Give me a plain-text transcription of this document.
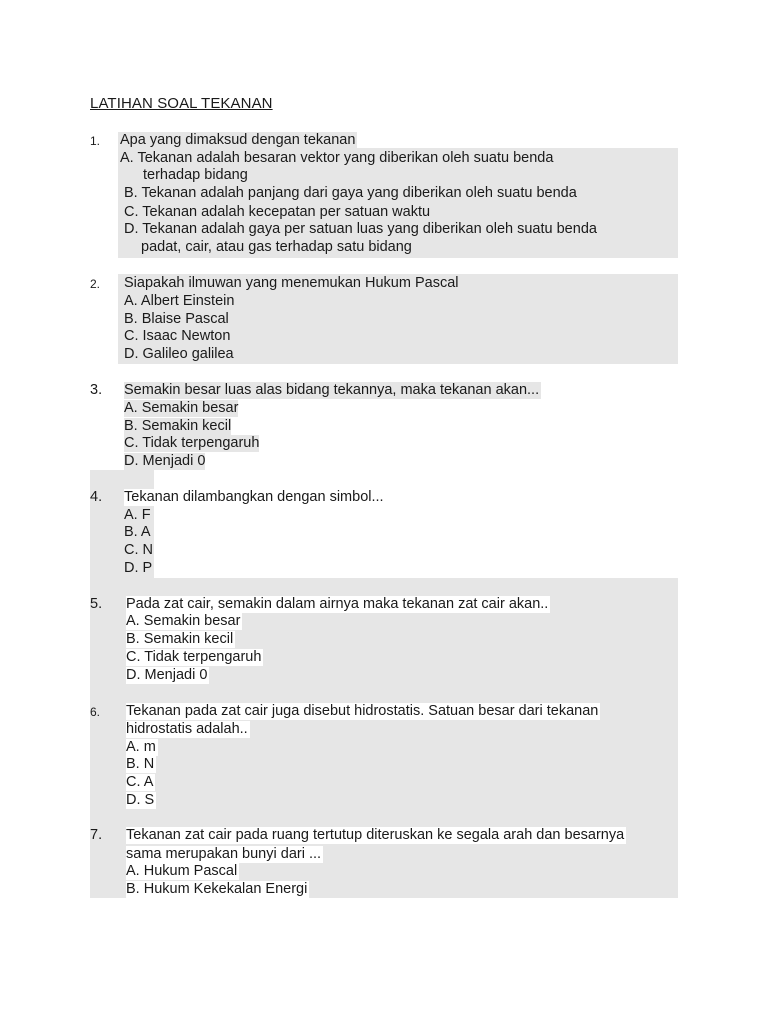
LATIHAN SOAL TEKANAN
1. Apa yang dimaksud dengan tekanan
A. Tekanan adalah besaran vektor yang diberikan oleh suatu benda
terhadap bidang
B. Tekanan adalah panjang dari gaya yang diberikan oleh suatu benda
C. Tekanan adalah kecepatan per satuan waktu
D. Tekanan adalah gaya per satuan luas yang diberikan oleh suatu benda
padat, cair, atau gas terhadap satu bidang
2. Siapakah ilmuwan yang menemukan Hukum Pascal
A. Albert Einstein
B. Blaise Pascal
C. Isaac Newton
D. Galileo galilea
3. Semakin besar luas alas bidang tekannya, maka tekanan akan...
A. Semakin besar
B. Semakin kecil
C. Tidak terpengaruh
D. Menjadi 0
4. Tekanan dilambangkan dengan simbol...
A. F
B. A
C. N
D. P
5. Pada zat cair, semakin dalam airnya maka tekanan zat cair akan..
A. Semakin besar
B. Semakin kecil
C. Tidak terpengaruh
D. Menjadi 0
6. Tekanan pada zat cair juga disebut hidrostatis. Satuan besar dari tekanan
hidrostatis adalah..
A. m
B. N
C. A
D. S
7. Tekanan zat cair pada ruang tertutup diteruskan ke segala arah dan besarnya
sama merupakan bunyi dari ...
A. Hukum Pascal
B. Hukum Kekekalan Energi
